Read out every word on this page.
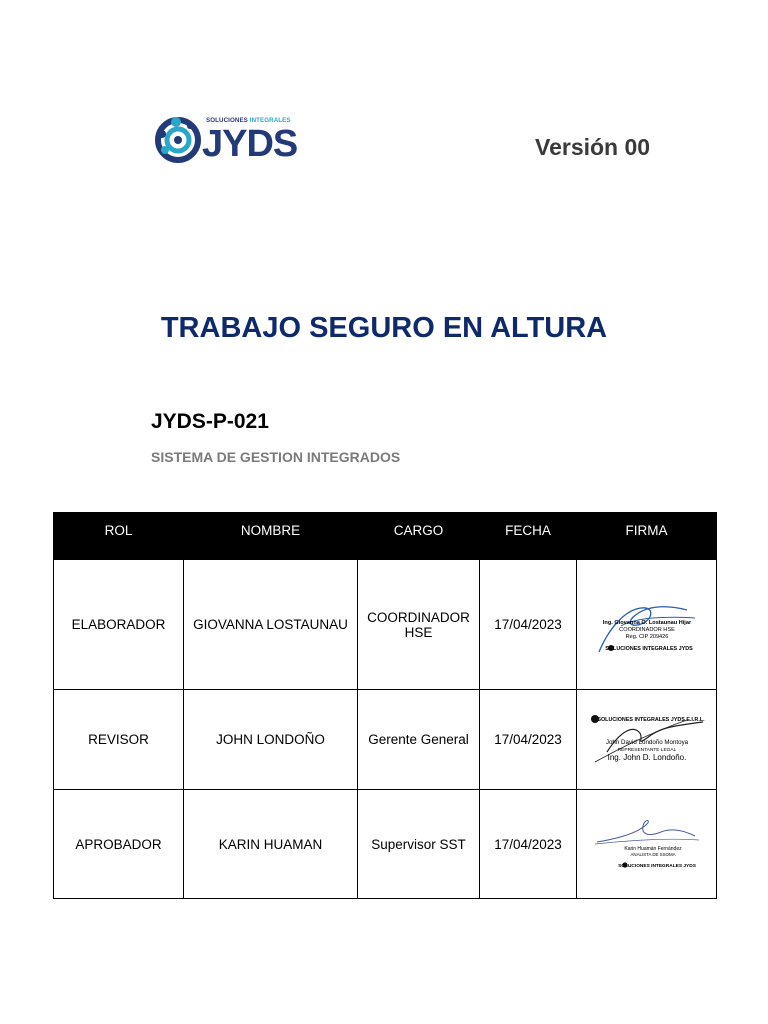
SOLUCIONES INTEGRALES
JYDS	Versión 00
TRABAJO SEGURO EN ALTURA
JYDS-P-021
SISTEMA DE GESTION INTEGRADOS
ROL	NOMBRE	CARGO	FECHA	FIRMA
ELABORADOR	GIOVANNA LOSTAUNAU	COORDINADOR HSE	17/04/2023	Ing. Giovanna O. Lostaunau Hijar
COORDINADOR HSE
Reg. CIP 209426
SOLUCIONES INTEGRALES JYDS

REVISOR	JOHN LONDOÑO	Gerente General	17/04/2023	SOLUCIONES INTEGRALES JYDS E.I.R.L.
John David Londoño Montoya
REPRESENTANTE LEGAL
Ing. John D. Londoño.

APROBADOR	KARIN HUAMAN	Supervisor SST	17/04/2023	Karin Huamán Fernández
ANALISTA DE SSOMA
SOLUCIONES INTEGRALES JYDS
